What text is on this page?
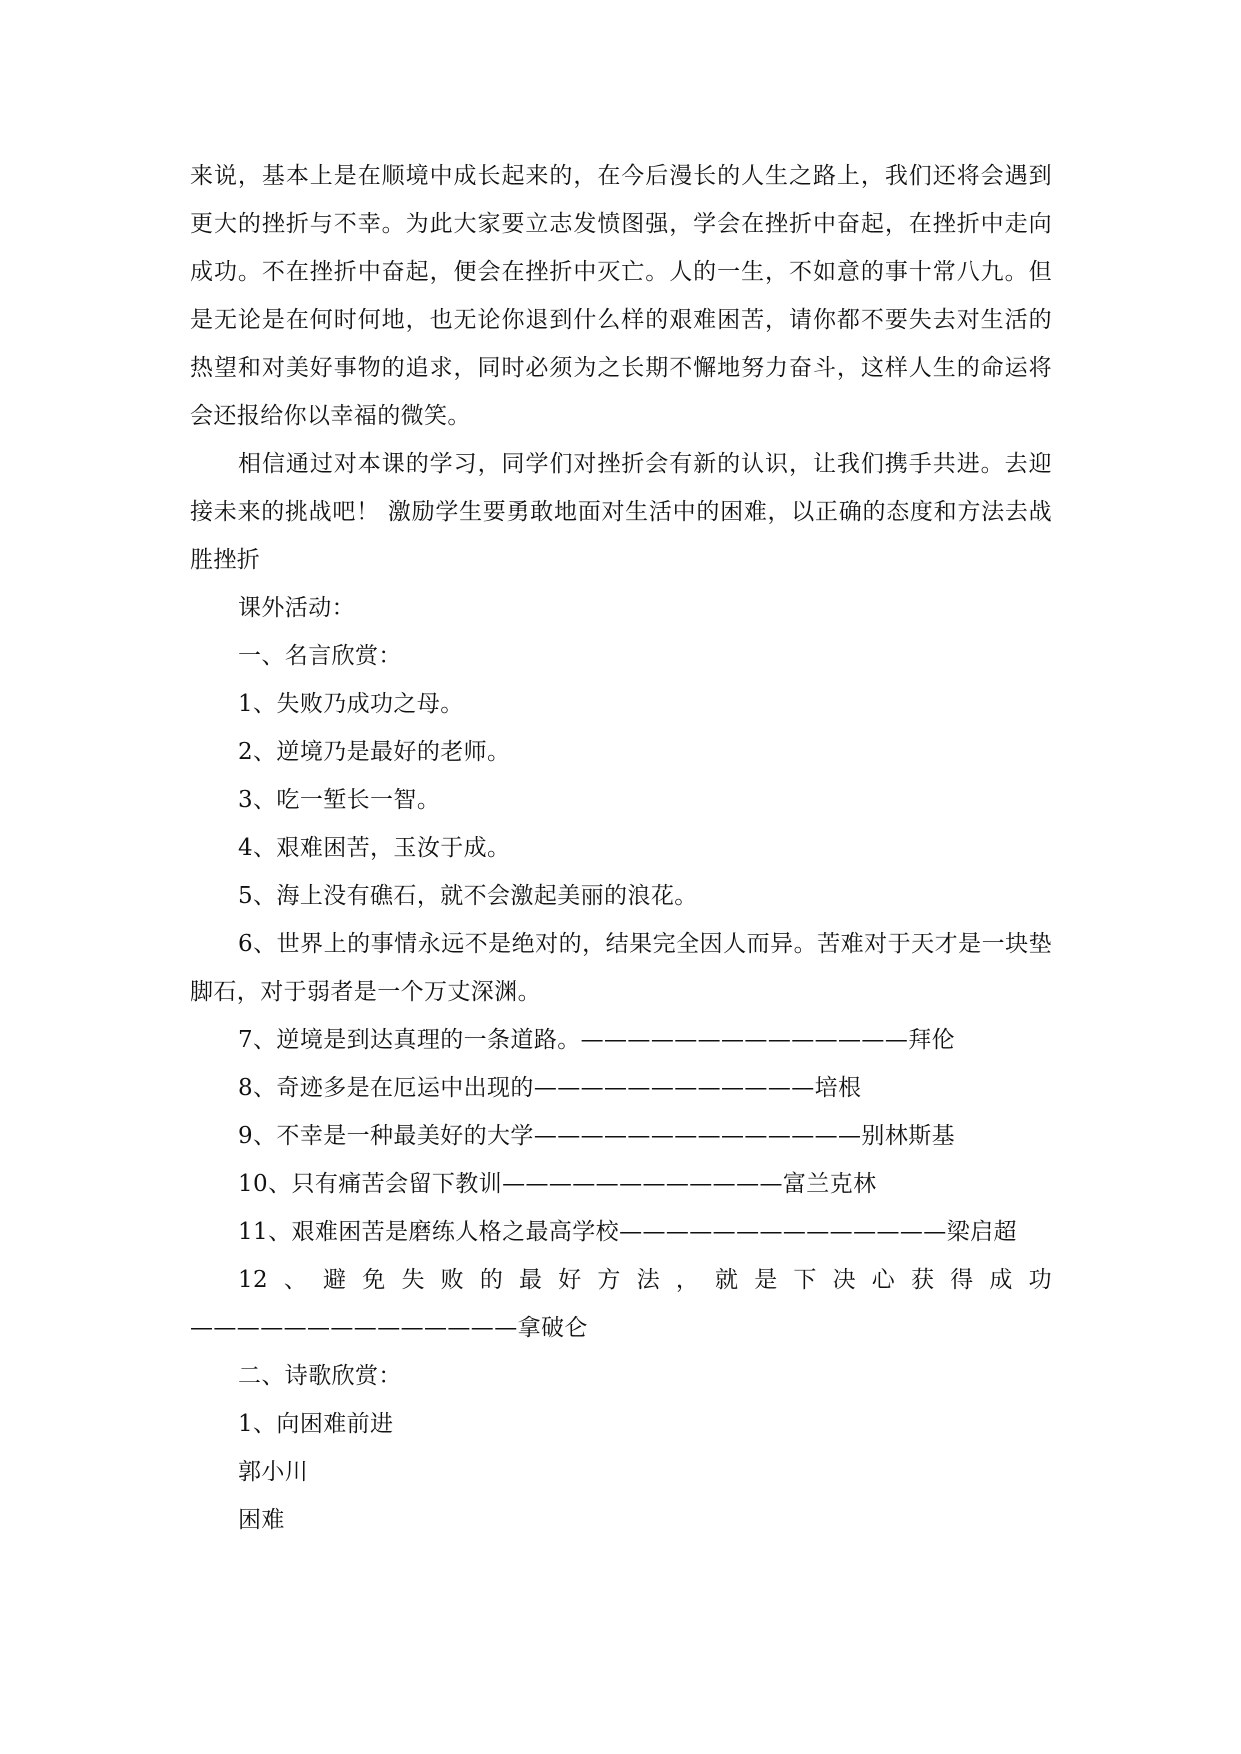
来说，基本上是在顺境中成长起来的，在今后漫长的人生之路上，我们还将会遇到更大的挫折与不幸。为此大家要立志发愤图强，学会在挫折中奋起，在挫折中走向成功。不在挫折中奋起，便会在挫折中灭亡。人的一生，不如意的事十常八九。但是无论是在何时何地，也无论你退到什么样的艰难困苦，请你都不要失去对生活的热望和对美好事物的追求，同时必须为之长期不懈地努力奋斗，这样人生的命运将会还报给你以幸福的微笑。

相信通过对本课的学习，同学们对挫折会有新的认识，让我们携手共进。去迎接未来的挑战吧！ 激励学生要勇敢地面对生活中的困难，以正确的态度和方法去战胜挫折

课外活动：

一、名言欣赏：

1、失败乃成功之母。

2、逆境乃是最好的老师。

3、吃一堑长一智。

4、艰难困苦，玉汝于成。

5、海上没有礁石，就不会激起美丽的浪花。

6、世界上的事情永远不是绝对的，结果完全因人而异。苦难对于天才是一块垫脚石，对于弱者是一个万丈深渊。

7、逆境是到达真理的一条道路。——————————————拜伦

8、奇迹多是在厄运中出现的————————————培根

9、不幸是一种最美好的大学——————————————别林斯基

10、只有痛苦会留下教训————————————富兰克林

11、艰难困苦是磨练人格之最高学校——————————————梁启超

12、避免失败的最好方法，就是下决心获得成功——————————————拿破仑

二、诗歌欣赏：

1、向困难前进

郭小川

困难
